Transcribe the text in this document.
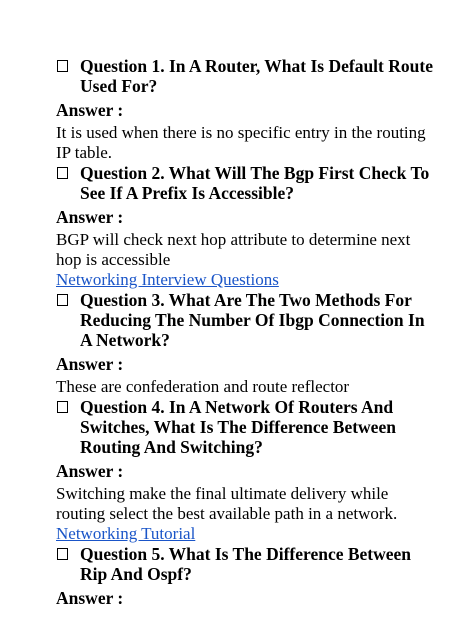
Question 1. In A Router, What Is Default Route Used For?
Answer :
It is used when there is no specific entry in the routing IP table.
Question 2. What Will The Bgp First Check To See If A Prefix Is Accessible?
Answer :
BGP will check next hop attribute to determine next hop is accessible
Networking Interview Questions
Question 3. What Are The Two Methods For Reducing The Number Of Ibgp Connection In A Network?
Answer :
These are confederation and route reflector
Question 4. In A Network Of Routers And Switches, What Is The Difference Between Routing And Switching?
Answer :
Switching make the final ultimate delivery while routing select the best available path in a network.
Networking Tutorial
Question 5. What Is The Difference Between Rip And Ospf?
Answer :
